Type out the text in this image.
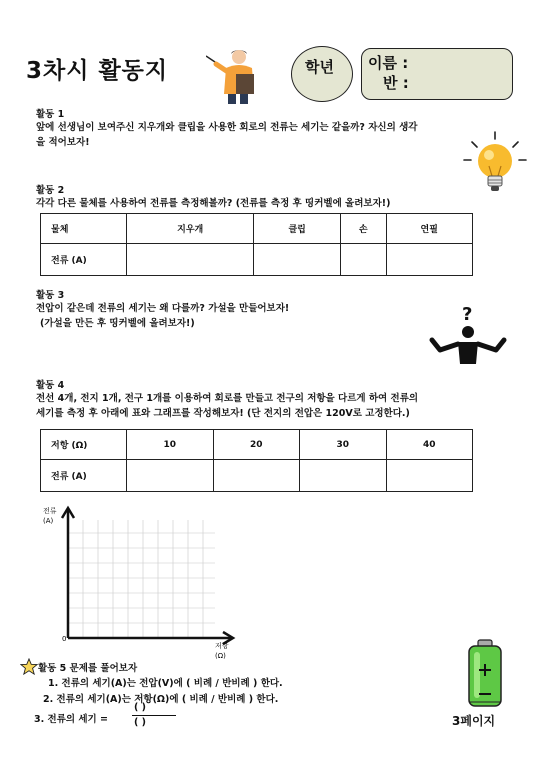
3차시 활동지	학년 이름 :
반 :
활동 1
앞에 선생님이 보여주신 지우개와 클립을 사용한 회로의 전류는 세기는 같을까? 자신의 생각
을 적어보자!
활동 2
각각 다른 물체를 사용하여 전류를 측정해볼까? (전류를 측정 후 띵커벨에 올려보자!)
물체	지우개	클립	손	연필
전류 (A)				
활동 3
전압이 같은데 전류의 세기는 왜 다를까? 가설을 만들어보자!
(가설을 만든 후 띵커벨에 올려보자!)	?
활동 4
전선 4개, 전지 1개, 전구 1개를 이용하여 회로를 만들고 전구의 저항을 다르게 하여 전류의
세기를 측정 후 아래에 표와 그래프를 작성해보자! (단 전지의 전압은 120V로 고정한다.)
저항 (Ω)	10	20	30	40
전류 (A)				
전류
(A)
0
저항
(Ω)
활동 5 문제를 풀어보자
1. 전류의 세기(A)는 전압(V)에 ( 비례 / 반비례 ) 한다.
2. 전류의 세기(A)는 저항(Ω)에 ( 비례 / 반비례 ) 한다.
3. 전류의 세기 =
( )
( )	3페이지
